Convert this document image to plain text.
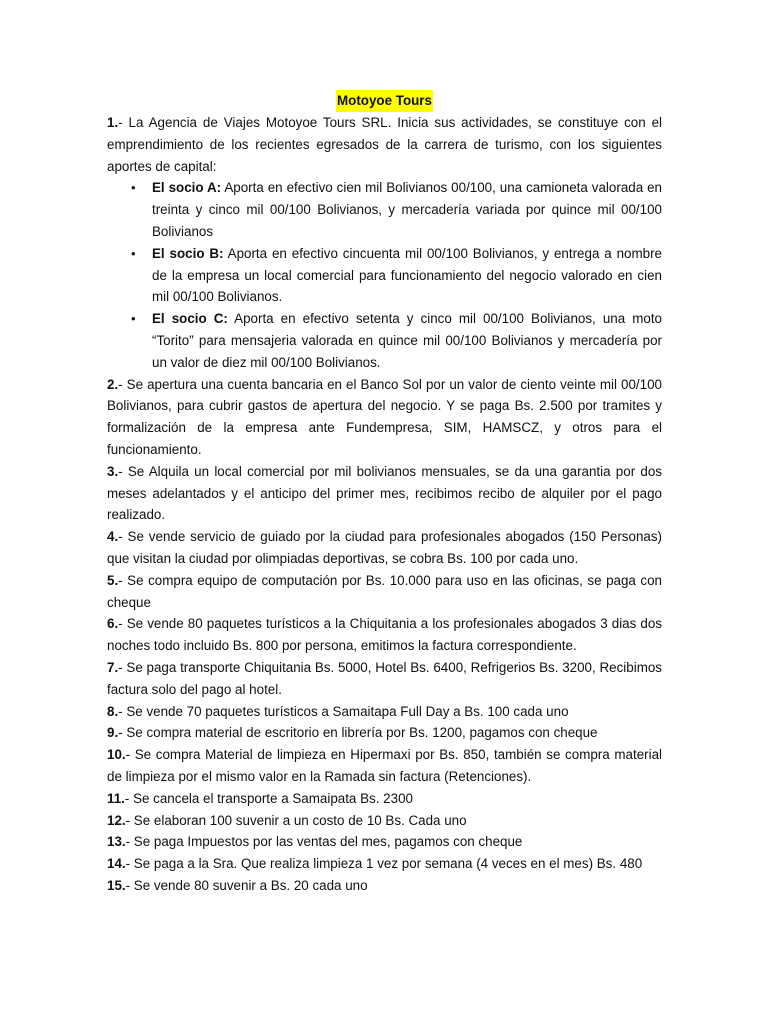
Motoyoe Tours

1.- La Agencia de Viajes Motoyoe Tours SRL. Inicia sus actividades, se constituye con el emprendimiento de los recientes egresados de la carrera de turismo, con los siguientes aportes de capital:

• El socio A: Aporta en efectivo cien mil Bolivianos 00/100, una camioneta valorada en treinta y cinco mil 00/100 Bolivianos, y mercadería variada por quince mil 00/100 Bolivianos
• El socio B: Aporta en efectivo cincuenta mil 00/100 Bolivianos, y entrega a nombre de la empresa un local comercial para funcionamiento del negocio valorado en cien mil 00/100 Bolivianos.
• El socio C: Aporta en efectivo setenta y cinco mil 00/100 Bolivianos, una moto “Torito” para mensajeria valorada en quince mil 00/100 Bolivianos y mercadería por un valor de diez mil 00/100 Bolivianos.

2.- Se apertura una cuenta bancaria en el Banco Sol por un valor de ciento veinte mil 00/100 Bolivianos, para cubrir gastos de apertura del negocio. Y se paga Bs. 2.500 por tramites y formalización de la empresa ante Fundempresa, SIM, HAMSCZ, y otros para el funcionamiento.

3.- Se Alquila un local comercial por mil bolivianos mensuales, se da una garantia por dos meses adelantados y el anticipo del primer mes, recibimos recibo de alquiler por el pago realizado.

4.- Se vende servicio de guiado por la ciudad para profesionales abogados (150 Personas) que visitan la ciudad por olimpiadas deportivas, se cobra Bs. 100 por cada uno.

5.- Se compra equipo de computación por Bs. 10.000 para uso en las oficinas, se paga con cheque

6.- Se vende 80 paquetes turísticos a la Chiquitania a los profesionales abogados 3 dias dos noches todo incluido Bs. 800 por persona, emitimos la factura correspondiente.

7.- Se paga transporte Chiquitania Bs. 5000, Hotel Bs. 6400, Refrigerios Bs. 3200, Recibimos factura solo del pago al hotel.

8.- Se vende 70 paquetes turísticos a Samaitapa Full Day a Bs. 100 cada uno

9.- Se compra material de escritorio en librería por Bs. 1200, pagamos con cheque

10.- Se compra Material de limpieza en Hipermaxi por Bs. 850, también se compra material de limpieza por el mismo valor en la Ramada sin factura (Retenciones).

11.- Se cancela el transporte a Samaipata Bs. 2300

12.- Se elaboran 100 suvenir a un costo de 10 Bs. Cada uno

13.- Se paga Impuestos por las ventas del mes, pagamos con cheque

14.- Se paga a la Sra. Que realiza limpieza 1 vez por semana (4 veces en el mes) Bs. 480

15.- Se vende 80 suvenir a Bs. 20 cada uno
